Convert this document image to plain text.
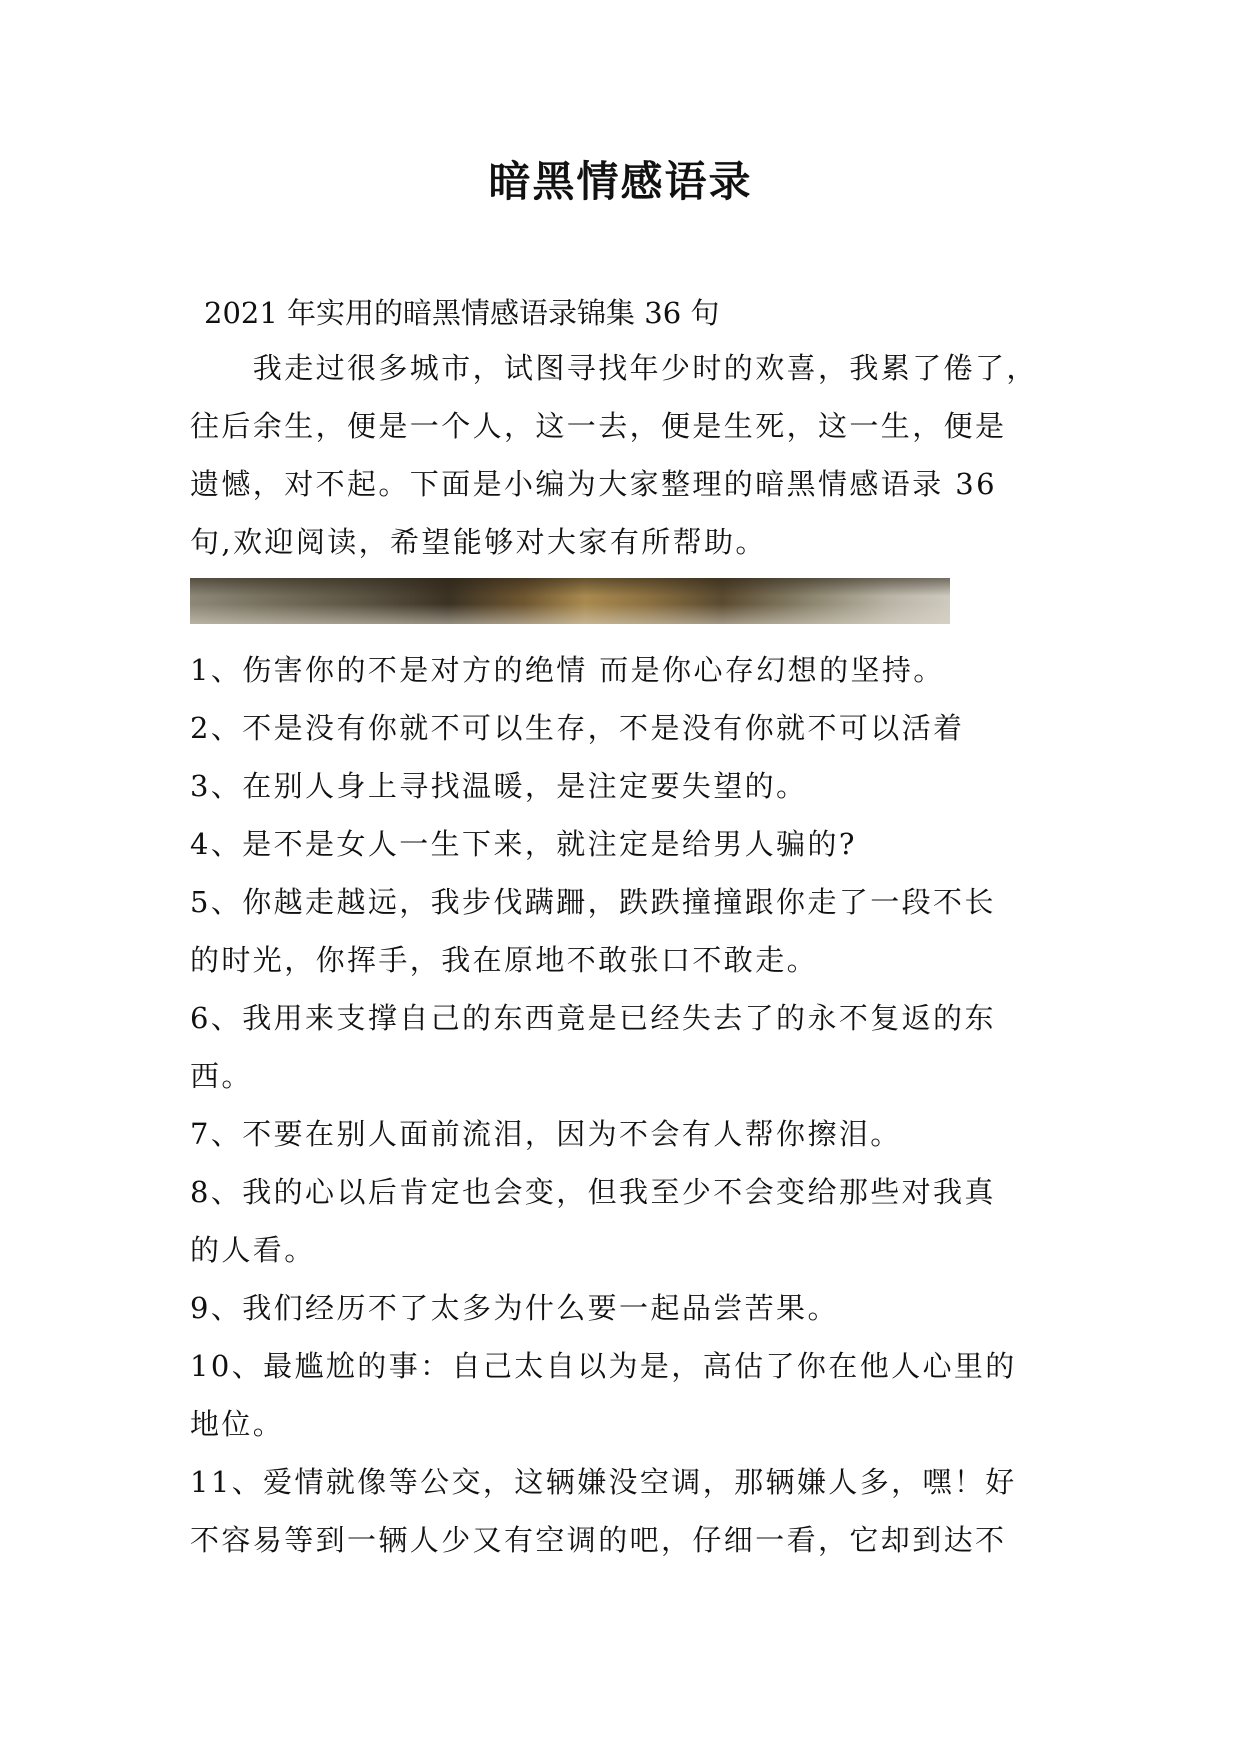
暗黑情感语录
2021 年实用的暗黑情感语录锦集 36 句
　　我走过很多城市，试图寻找年少时的欢喜，我累了倦了，
往后余生，便是一个人，这一去，便是生死，这一生，便是
遗憾，对不起。下面是小编为大家整理的暗黑情感语录 36
句,欢迎阅读，希望能够对大家有所帮助。
1、伤害你的不是对方的绝情 而是你心存幻想的坚持。
2、不是没有你就不可以生存，不是没有你就不可以活着
3、在别人身上寻找温暖，是注定要失望的。
4、是不是女人一生下来，就注定是给男人骗的?
5、你越走越远，我步伐蹒跚，跌跌撞撞跟你走了一段不长
的时光，你挥手，我在原地不敢张口不敢走。
6、我用来支撑自己的东西竟是已经失去了的永不复返的东
西。
7、不要在别人面前流泪，因为不会有人帮你擦泪。
8、我的心以后肯定也会变，但我至少不会变给那些对我真
的人看。
9、我们经历不了太多为什么要一起品尝苦果。
10、最尴尬的事：自己太自以为是，高估了你在他人心里的
地位。
11、爱情就像等公交，这辆嫌没空调，那辆嫌人多，嘿！好
不容易等到一辆人少又有空调的吧，仔细一看，它却到达不
